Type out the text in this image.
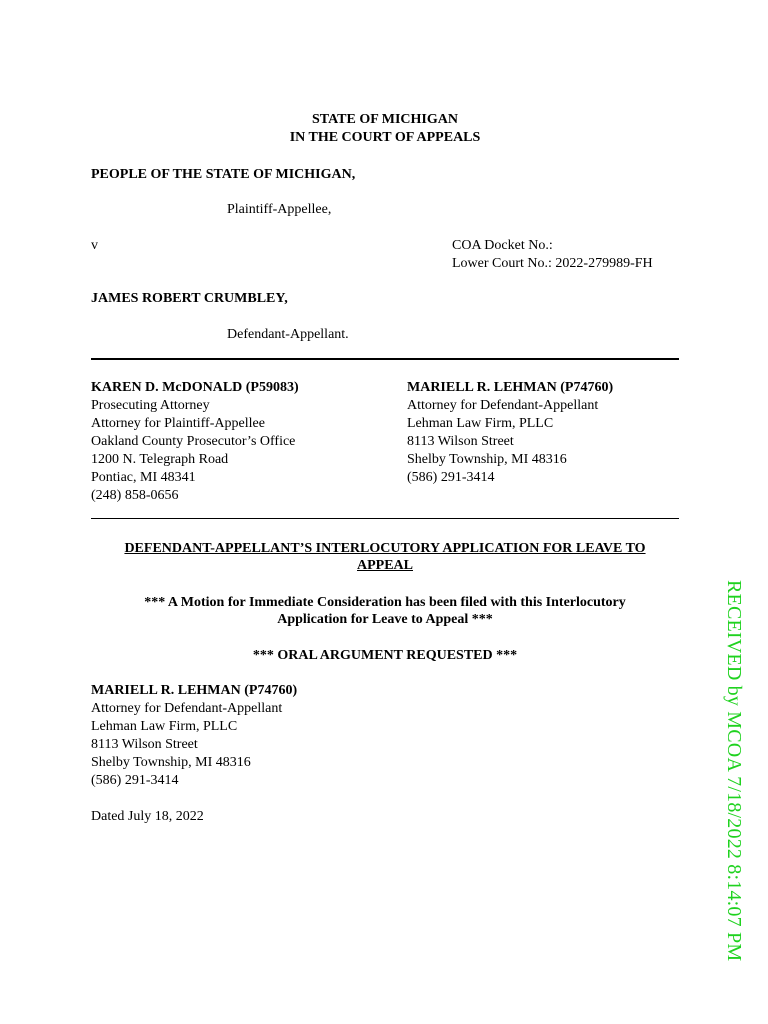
STATE OF MICHIGAN
IN THE COURT OF APPEALS
PEOPLE OF THE STATE OF MICHIGAN,
Plaintiff-Appellee,
v	COA Docket No.:
Lower Court No.: 2022-279989-FH
JAMES ROBERT CRUMBLEY,
Defendant-Appellant.
KAREN D. McDONALD (P59083)
Prosecuting Attorney
Attorney for Plaintiff-Appellee
Oakland County Prosecutor’s Office
1200 N. Telegraph Road
Pontiac, MI 48341
(248) 858-0656
MARIELL R. LEHMAN (P74760)
Attorney for Defendant-Appellant
Lehman Law Firm, PLLC
8113 Wilson Street
Shelby Township, MI 48316
(586) 291-3414
DEFENDANT-APPELLANT’S INTERLOCUTORY APPLICATION FOR LEAVE TO
APPEAL
*** A Motion for Immediate Consideration has been filed with this Interlocutory
Application for Leave to Appeal ***
*** ORAL ARGUMENT REQUESTED ***
MARIELL R. LEHMAN (P74760)
Attorney for Defendant-Appellant
Lehman Law Firm, PLLC
8113 Wilson Street
Shelby Township, MI 48316
(586) 291-3414
Dated July 18, 2022	RECEIVED by MCOA 7/18/2022 8:14:07 PM
